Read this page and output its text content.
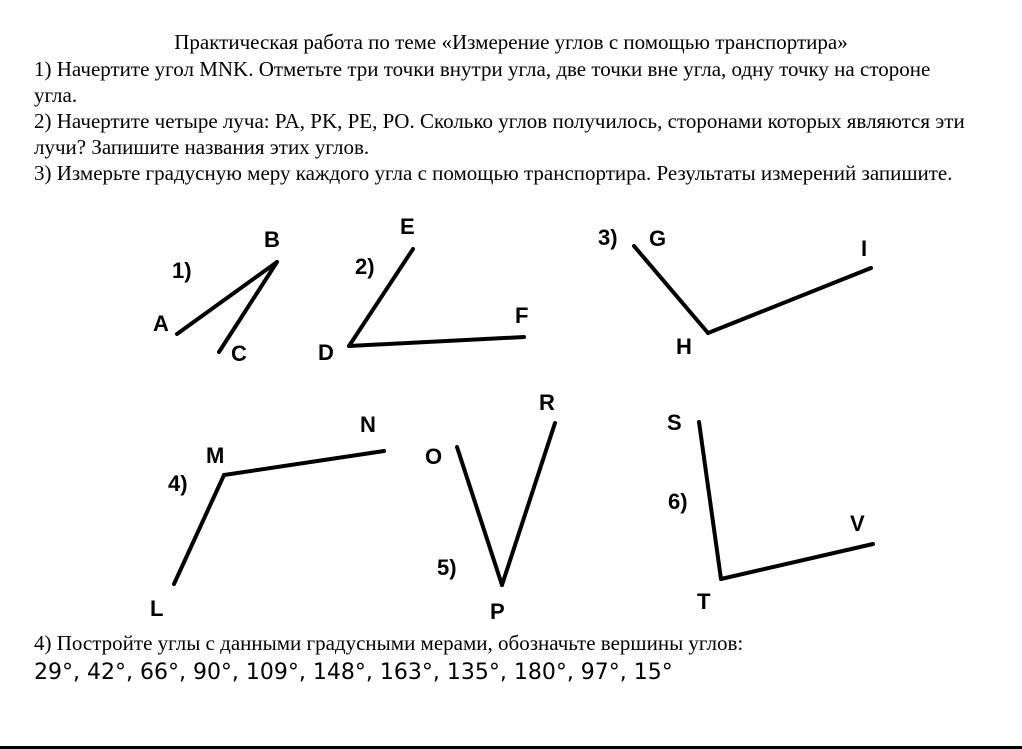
Практическая работа по теме «Измерение углов с помощью транспортира»
1) Начертите угол MNK. Отметьте три точки внутри угла, две точки вне угла, одну точку на стороне угла.
2) Начертите четыре луча: PA, PK, PE, PO. Сколько углов получилось, сторонами которых являются эти лучи? Запишите названия этих углов.
3) Измерьте градусную меру каждого угла с помощью транспортира. Результаты измерений запишите.
1)
A
B
C
2)
E
D
F
3) G
H
I
4)
M
N
L
5)
O
R
P
6)
S
V
T
4) Постройте углы с данными градусными мерами, обозначьте вершины углов:
29°, 42°, 66°, 90°, 109°, 148°, 163°, 135°, 180°, 97°, 15°
